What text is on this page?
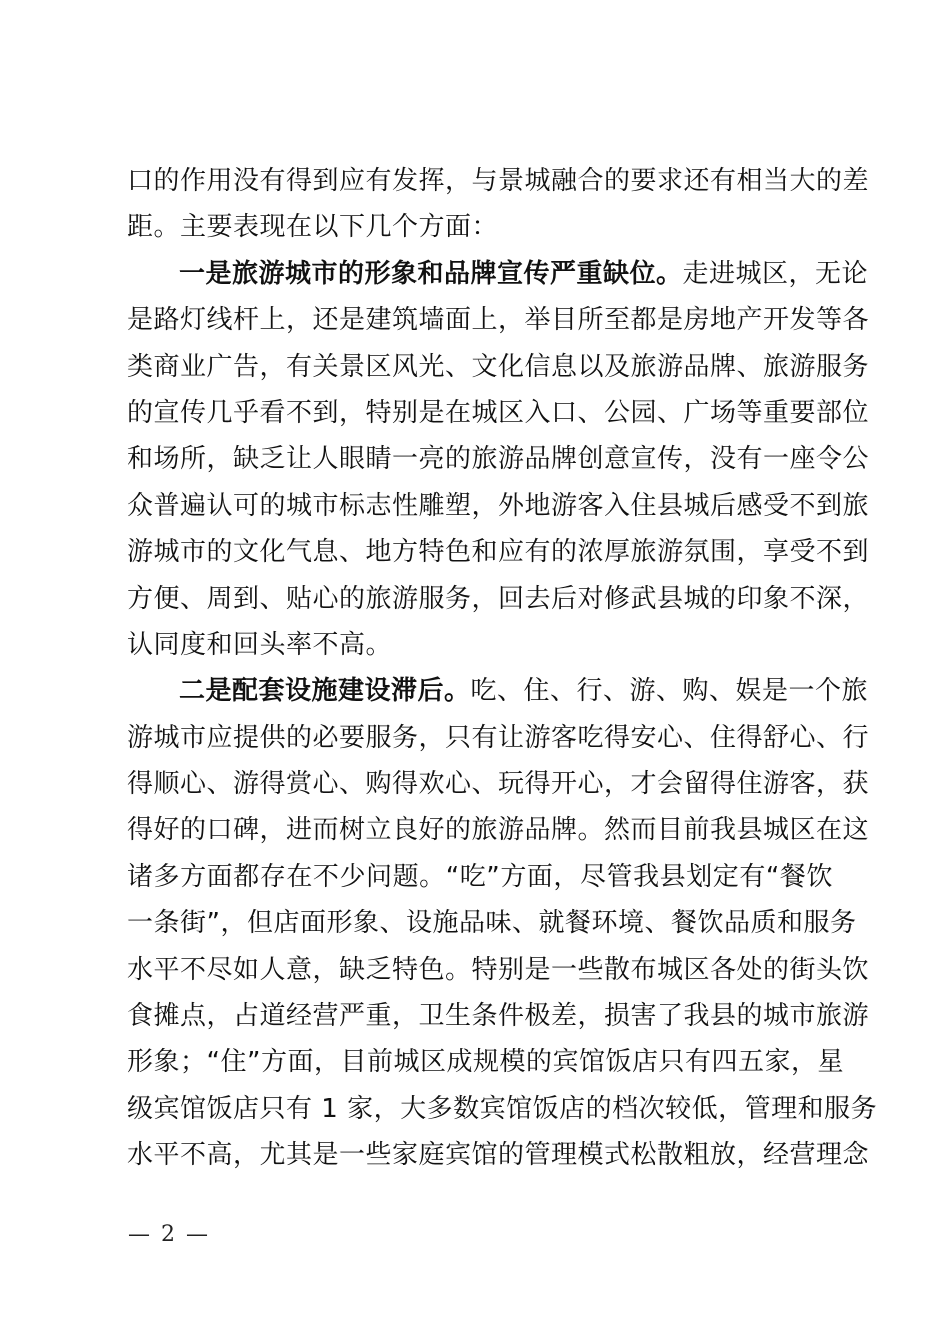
口的作用没有得到应有发挥，与景城融合的要求还有相当大的差
距。主要表现在以下几个方面：
一是旅游城市的形象和品牌宣传严重缺位。走进城区，无论
是路灯线杆上，还是建筑墙面上，举目所至都是房地产开发等各
类商业广告，有关景区风光、文化信息以及旅游品牌、旅游服务
的宣传几乎看不到，特别是在城区入口、公园、广场等重要部位
和场所，缺乏让人眼睛一亮的旅游品牌创意宣传，没有一座令公
众普遍认可的城市标志性雕塑，外地游客入住县城后感受不到旅
游城市的文化气息、地方特色和应有的浓厚旅游氛围，享受不到
方便、周到、贴心的旅游服务，回去后对修武县城的印象不深，
认同度和回头率不高。
二是配套设施建设滞后。吃、住、行、游、购、娱是一个旅
游城市应提供的必要服务，只有让游客吃得安心、住得舒心、行
得顺心、游得赏心、购得欢心、玩得开心，才会留得住游客，获
得好的口碑，进而树立良好的旅游品牌。然而目前我县城区在这
诸多方面都存在不少问题。“吃”方面，尽管我县划定有“餐饮
一条街”，但店面形象、设施品味、就餐环境、餐饮品质和服务
水平不尽如人意，缺乏特色。特别是一些散布城区各处的街头饮
食摊点，占道经营严重，卫生条件极差，损害了我县的城市旅游
形象；“住”方面，目前城区成规模的宾馆饭店只有四五家，星
级宾馆饭店只有 1 家，大多数宾馆饭店的档次较低，管理和服务
水平不高，尤其是一些家庭宾馆的管理模式松散粗放，经营理念
— 2 —
